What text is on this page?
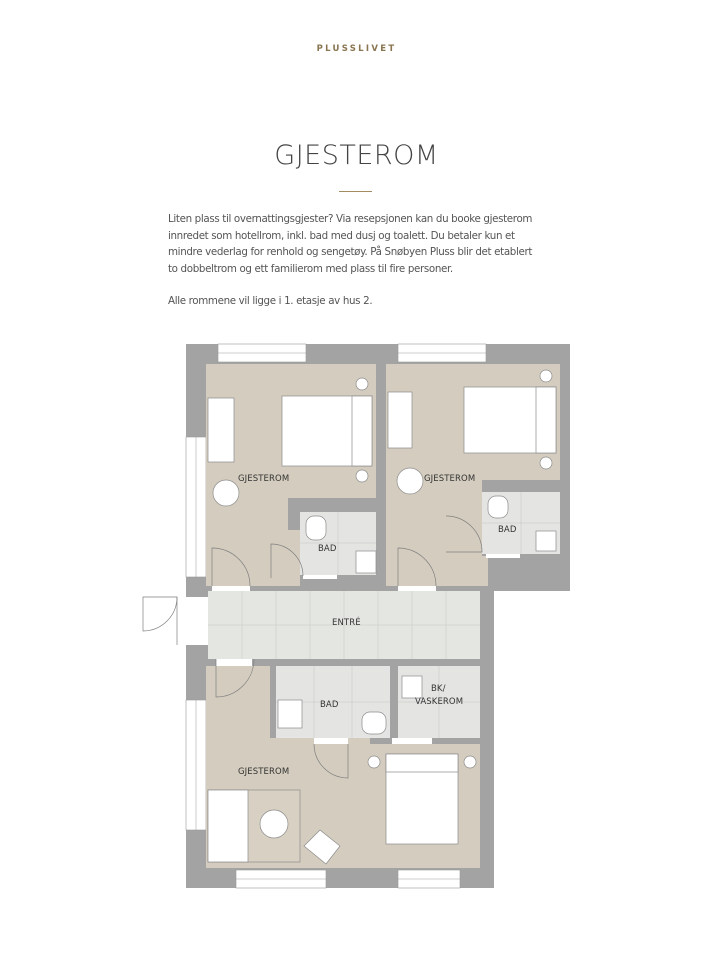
PLUSSLIVET
GJESTEROM

Liten plass til overnattingsgjester? Via resepsjonen kan du booke gjesterom
innredet som hotellrom, inkl. bad med dusj og toalett. Du betaler kun et
mindre vederlag for renhold og sengetøy. På Snøbyen Pluss blir det etablert
to dobbeltrom og ett familierom med plass til fire personer.

Alle rommene vil ligge i 1. etasje av hus 2.

GJESTEROM	GJESTEROM
GJESTEROM
BAD
BAD
BAD
ENTRÉ
BK/
VASKEROM
